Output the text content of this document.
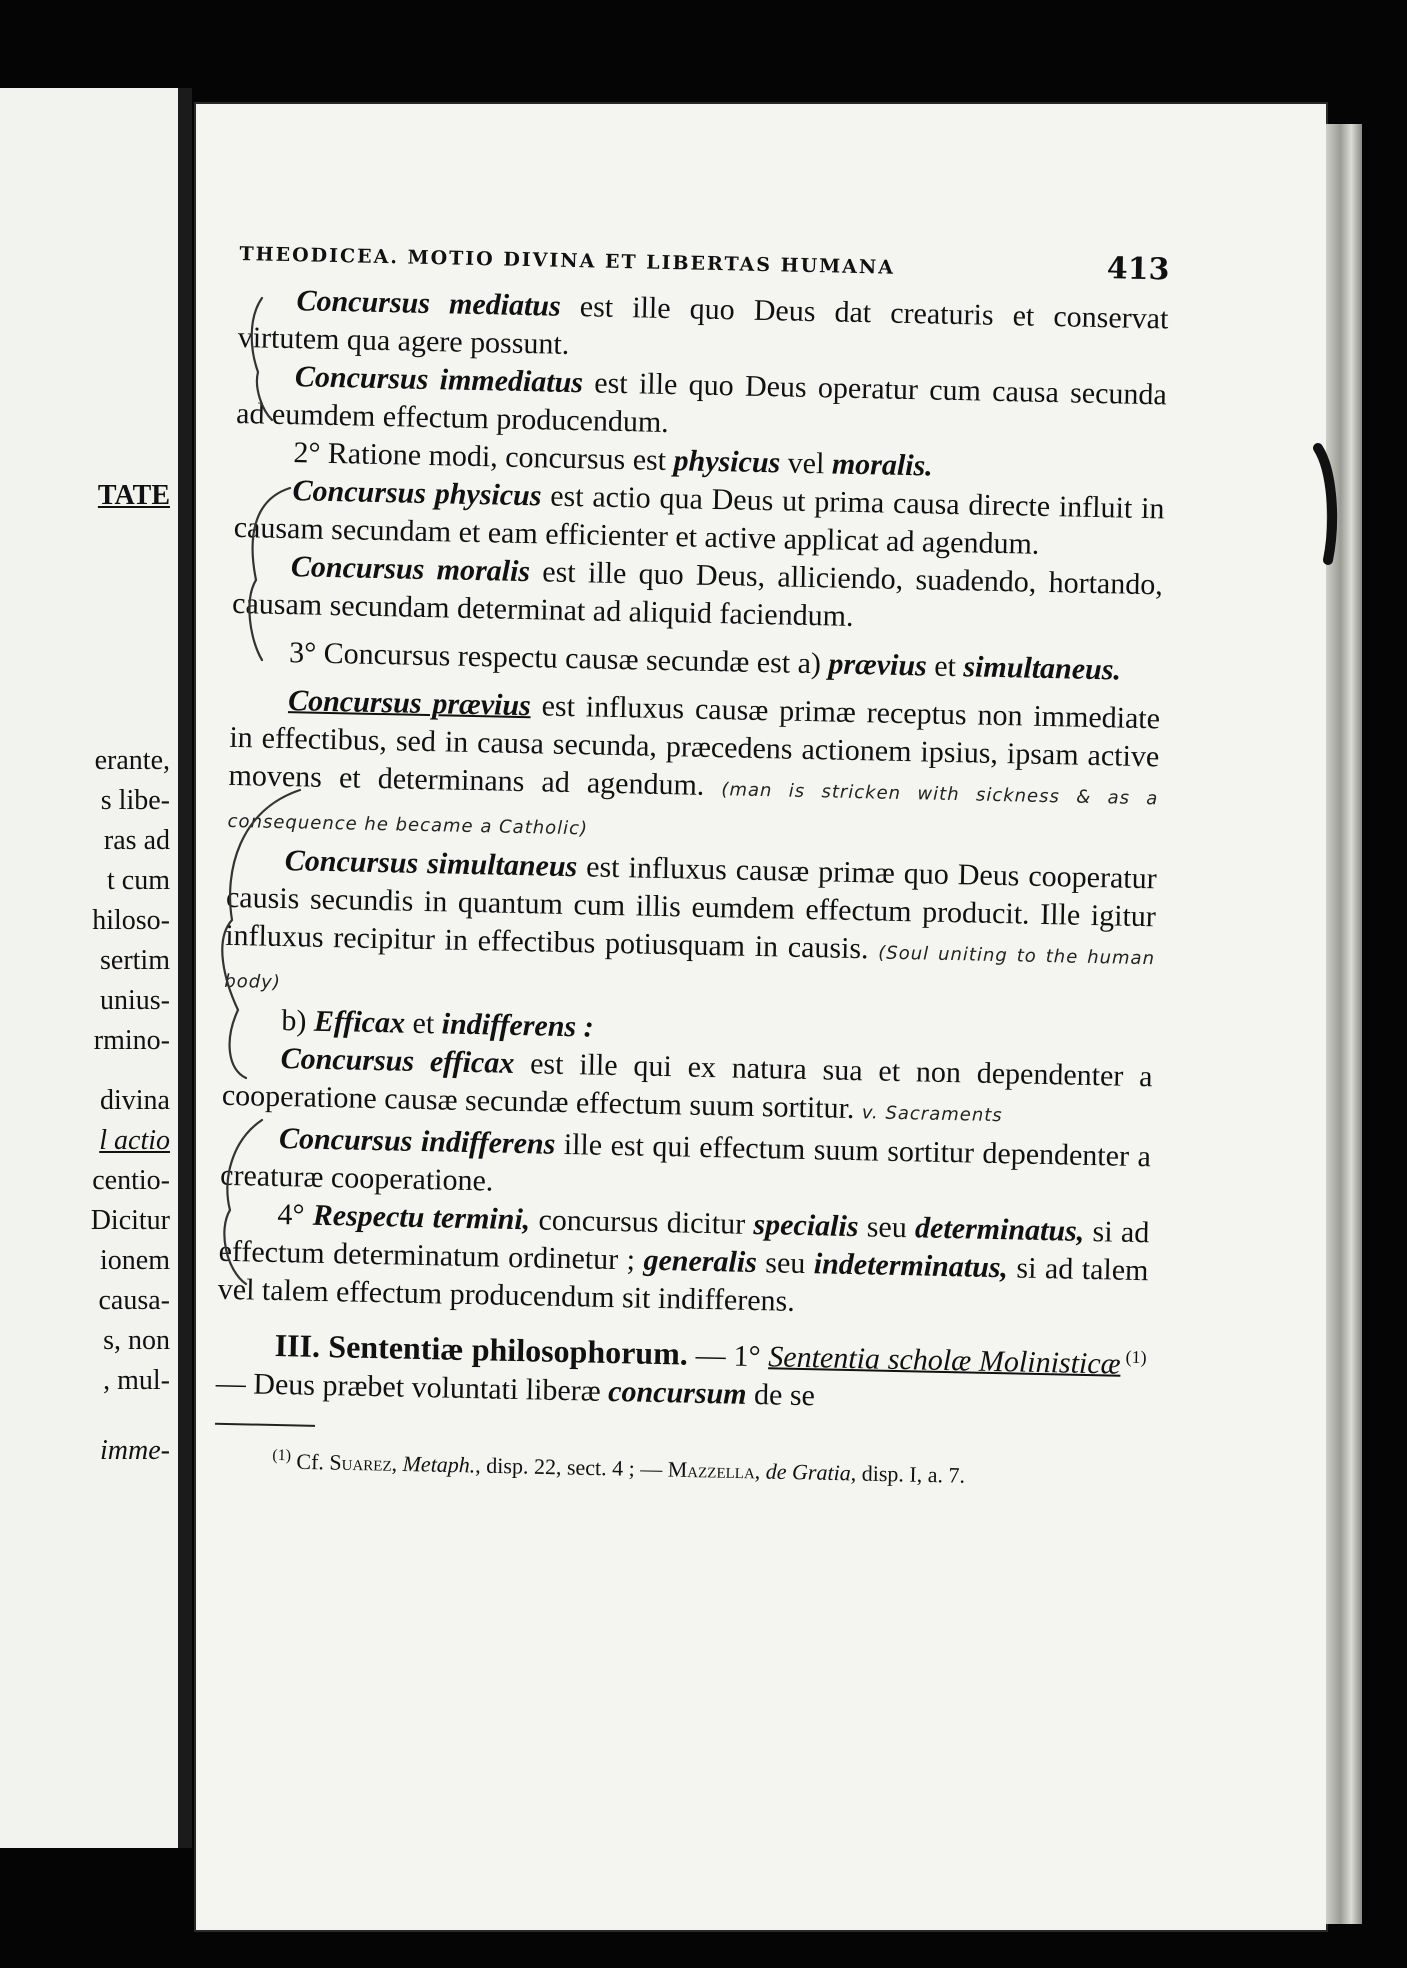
TATE
erante,
s libe-
ras ad
t cum
hiloso-
sertim
unius-
rmino-
divina
l actio
centio-
Dicitur
ionem
causa-
s, non
, mul-
imme-
THEODICEA. MOTIO DIVINA ET LIBERTAS HUMANA	413

Concursus mediatus est ille quo Deus dat creaturis et conservat virtutem qua agere possunt.

Concursus immediatus est ille quo Deus operatur cum causa secunda ad eumdem effectum producendum.

2° Ratione modi, concursus est physicus vel moralis.

Concursus physicus est actio qua Deus ut prima causa directe influit in causam secundam et eam efficienter et active applicat ad agendum.

Concursus moralis est ille quo Deus, alliciendo, suadendo, hortando, causam secundam determinat ad aliquid faciendum.

3° Concursus respectu causæ secundæ est a) prævius et simultaneus.

Concursus prævius est influxus causæ primæ receptus non immediate in effectibus, sed in causa secunda, præcedens actionem ipsius, ipsam active movens et determinans ad agendum. (man is stricken with sickness & as a consequence he became a Catholic)

Concursus simultaneus est influxus causæ primæ quo Deus cooperatur causis secundis in quantum cum illis eumdem effectum producit. Ille igitur influxus recipitur in effectibus potiusquam in causis. (Soul uniting to the human body)

b) Efficax et indifferens :

Concursus efficax est ille qui ex natura sua et non dependenter a cooperatione causæ secundæ effectum suum sortitur. v. Sacraments

Concursus indifferens ille est qui effectum suum sortitur dependenter a creaturæ cooperatione.

4° Respectu termini, concursus dicitur specialis seu determinatus, si ad effectum determinatum ordinetur ; generalis seu indeterminatus, si ad talem vel talem effectum producendum sit indifferens.

III. Sententiæ philosophorum. — 1° Sententia scholæ Molinisticæ $^{(1)}$ — Deus præbet voluntati liberæ concursum de se

$^{(1)}$ Cf. Suarez, Metaph., disp. 22, sect. 4 ; — Mazzella, de Gratia, disp. I, a. 7.
